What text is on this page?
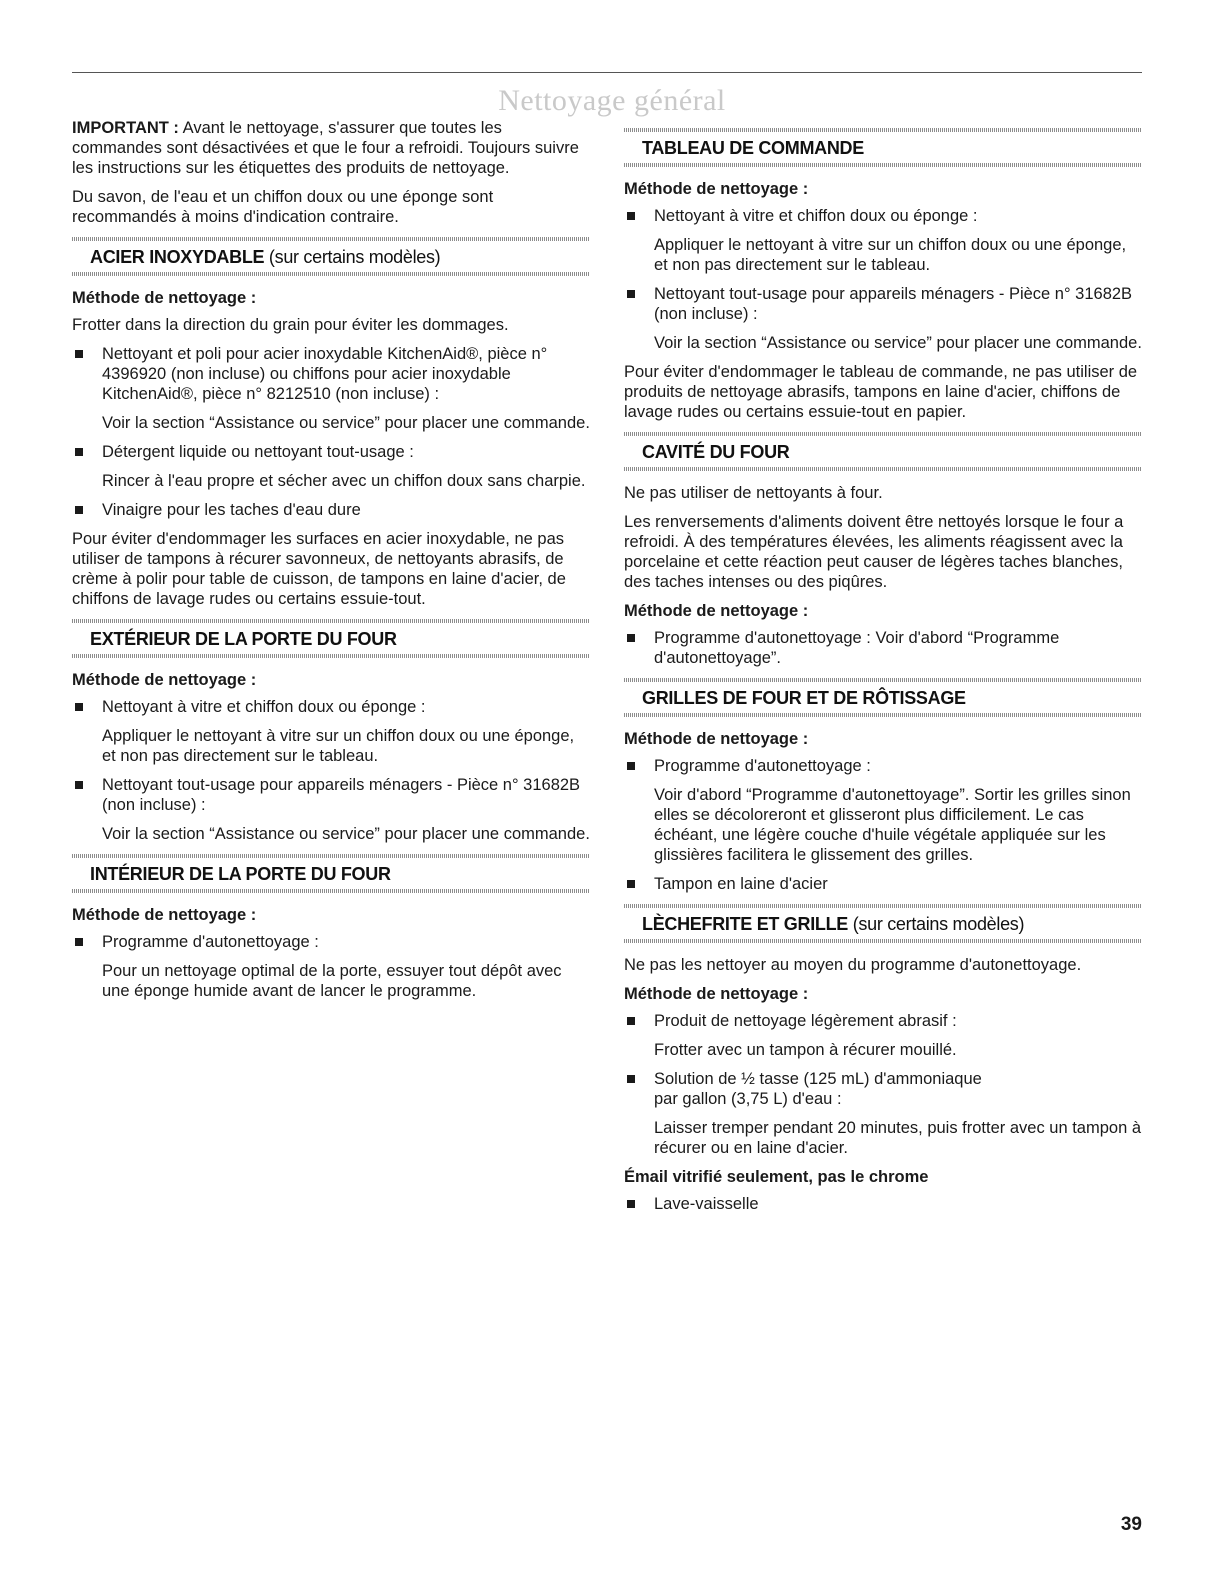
Nettoyage général

IMPORTANT : Avant le nettoyage, s'assurer que toutes les commandes sont désactivées et que le four a refroidi. Toujours suivre les instructions sur les étiquettes des produits de nettoyage.

Du savon, de l'eau et un chiffon doux ou une éponge sont recommandés à moins d'indication contraire.

ACIER INOXYDABLE (sur certains modèles)

Méthode de nettoyage :

Frotter dans la direction du grain pour éviter les dommages.

Nettoyant et poli pour acier inoxydable KitchenAid®, pièce n° 4396920 (non incluse) ou chiffons pour acier inoxydable KitchenAid®, pièce n° 8212510 (non incluse) :
Voir la section “Assistance ou service” pour placer une commande.
Détergent liquide ou nettoyant tout-usage :
Rincer à l'eau propre et sécher avec un chiffon doux sans charpie.
Vinaigre pour les taches d'eau dure

Pour éviter d'endommager les surfaces en acier inoxydable, ne pas utiliser de tampons à récurer savonneux, de nettoyants abrasifs, de crème à polir pour table de cuisson, de tampons en laine d'acier, de chiffons de lavage rudes ou certains essuie-tout.

EXTÉRIEUR DE LA PORTE DU FOUR

Méthode de nettoyage :

Nettoyant à vitre et chiffon doux ou éponge :
Appliquer le nettoyant à vitre sur un chiffon doux ou une éponge, et non pas directement sur le tableau.
Nettoyant tout-usage pour appareils ménagers - Pièce n° 31682B (non incluse) :
Voir la section “Assistance ou service” pour placer une commande.
INTÉRIEUR DE LA PORTE DU FOUR

Méthode de nettoyage :

Programme d'autonettoyage :
Pour un nettoyage optimal de la porte, essuyer tout dépôt avec une éponge humide avant de lancer le programme.
TABLEAU DE COMMANDE

Méthode de nettoyage :

Nettoyant à vitre et chiffon doux ou éponge :
Appliquer le nettoyant à vitre sur un chiffon doux ou une éponge, et non pas directement sur le tableau.
Nettoyant tout-usage pour appareils ménagers - Pièce n° 31682B (non incluse) :
Voir la section “Assistance ou service” pour placer une commande.

Pour éviter d'endommager le tableau de commande, ne pas utiliser de produits de nettoyage abrasifs, tampons en laine d'acier, chiffons de lavage rudes ou certains essuie-tout en papier.

CAVITÉ DU FOUR

Ne pas utiliser de nettoyants à four.

Les renversements d'aliments doivent être nettoyés lorsque le four a refroidi. À des températures élevées, les aliments réagissent avec la porcelaine et cette réaction peut causer de légères taches blanches, des taches intenses ou des piqûres.

Méthode de nettoyage :

Programme d'autonettoyage : Voir d'abord “Programme d'autonettoyage”.
GRILLES DE FOUR ET DE RÔTISSAGE

Méthode de nettoyage :

Programme d'autonettoyage :
Voir d'abord “Programme d'autonettoyage”. Sortir les grilles sinon elles se décoloreront et glisseront plus difficilement. Le cas échéant, une légère couche d'huile végétale appliquée sur les glissières facilitera le glissement des grilles.
Tampon en laine d'acier
LÈCHEFRITE ET GRILLE (sur certains modèles)

Ne pas les nettoyer au moyen du programme d'autonettoyage.

Méthode de nettoyage :

Produit de nettoyage légèrement abrasif :
Frotter avec un tampon à récurer mouillé.
Solution de ½ tasse (125 mL) d'ammoniaque
par gallon (3,75 L) d'eau :
Laisser tremper pendant 20 minutes, puis frotter avec un tampon à récurer ou en laine d'acier.

Émail vitrifié seulement, pas le chrome

Lave-vaisselle
39
